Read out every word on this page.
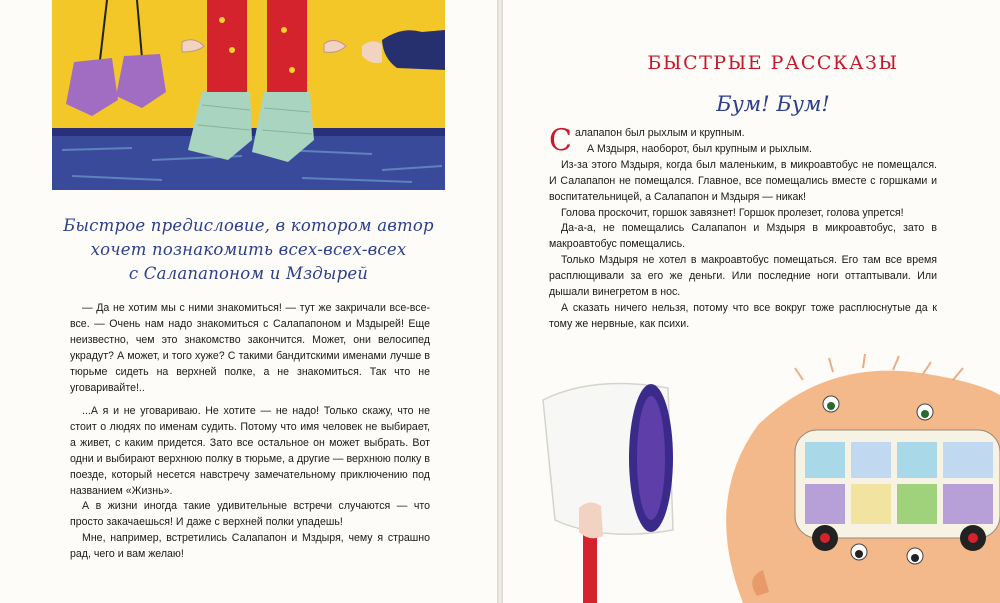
Быстрое предисловие, в котором автор
хочет познакомить всех-всех-всех
с Салапапоном и Мздырей

— Да не хотим мы с ними знакомиться! — тут же закричали все-все-все. — Очень нам надо знакомиться с Салапапоном и Мздырей! Еще неизвестно, чем это знакомство закончится. Может, они велосипед украдут? А может, и того хуже? С такими бандитскими именами лучше в тюрьме сидеть на верхней полке, а не знакомиться. Так что не уговаривайте!..

...А я и не уговариваю. Не хотите — не надо! Только скажу, что не стоит о людях по именам судить. Потому что имя человек не выбирает, а живет, с каким придется. Зато все остальное он может выбрать. Вот одни и выбирают верхнюю полку в тюрьме, а другие — верхнюю полку в поезде, который несется навстречу замечательному приключению под названием «Жизнь».

А в жизни иногда такие удивительные встречи случаются — что просто закачаешься! И даже с верхней полки упадешь!

Мне, например, встретились Салапапон и Мздыря, чему я страшно рад, чего и вам желаю!

БЫСТРЫЕ РАССКАЗЫ
Бум! Бум!

Салапапон был рыхлым и крупным.

А Мздыря, наоборот, был крупным и рыхлым.

Из-за этого Мздыря, когда был маленьким, в микроавтобус не помещался. И Салапапон не помещался. Главное, все помещались вместе с горшками и воспитательницей, а Салапапон и Мздыря — никак!

Голова проскочит, горшок завязнет! Горшок пролезет, голова упрется!

Да-а-а, не помещались Салапапон и Мздыря в микроавтобус, зато в макроавтобус помещались.

Только Мздыря не хотел в макроавтобус помещаться. Его там все время расплющивали за его же деньги. Или последние ноги оттаптывали. Или дышали винегретом в нос.

А сказать ничего нельзя, потому что все вокруг тоже расплюснутые да к тому же нервные, как психи.
